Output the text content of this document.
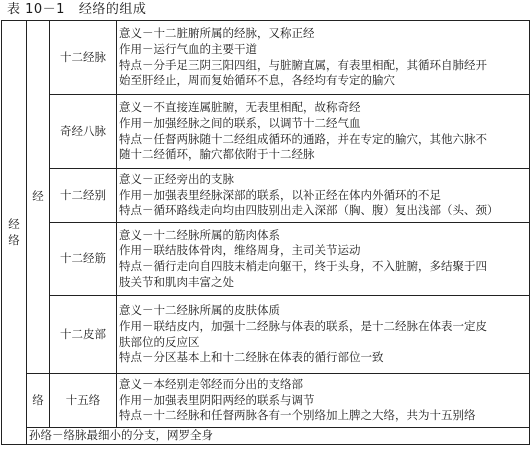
表 10－1   经络的组成
经络	经	十二经脉	意义－十二脏腑所属的经脉，又称正经
作用－运行气血的主要干道
特点－分手足三阴三阳四组，与脏腑直属，有表里相配，其循环自肺经开
始至肝经止，周而复始循环不息，各经均有专定的腧穴

		奇经八脉	意义－不直接连属脏腑，无表里相配，故称奇经
作用－加强经脉之间的联系，以调节十二经气血
特点－任督两脉随十二经组成循环的通路，并在专定的腧穴，其他六脉不
随十二经循环，腧穴都依附于十二经脉

		十二经别	意义－正经旁出的支脉
作用－加强表里经脉深部的联系，以补正经在体内外循环的不足
特点－循环路线走向均由四肢别出走入深部（胸、腹）复出浅部（头、颈）

		十二经筋	意义－十二经脉所属的筋肉体系
作用－联结肢体骨肉，维络周身，主司关节运动
特点－循行走向自四肢末梢走向躯干，终于头身，不入脏腑，多结聚于四
肢关节和肌肉丰富之处

		十二皮部	意义－十二经脉所属的皮肤体质
作用－联结皮内，加强十二经脉与体表的联系，是十二经脉在体表一定皮
肤部位的反应区
特点－分区基本上和十二经脉在体表的循行部位一致

	络	十五络	意义－本经别走邻经而分出的支络部
作用－加强表里阴阳两经的联系与调节
特点－十二经脉和任督两脉各有一个别络加上脾之大络，共为十五别络

	孙络－络脉最细小的分支，网罗全身		
